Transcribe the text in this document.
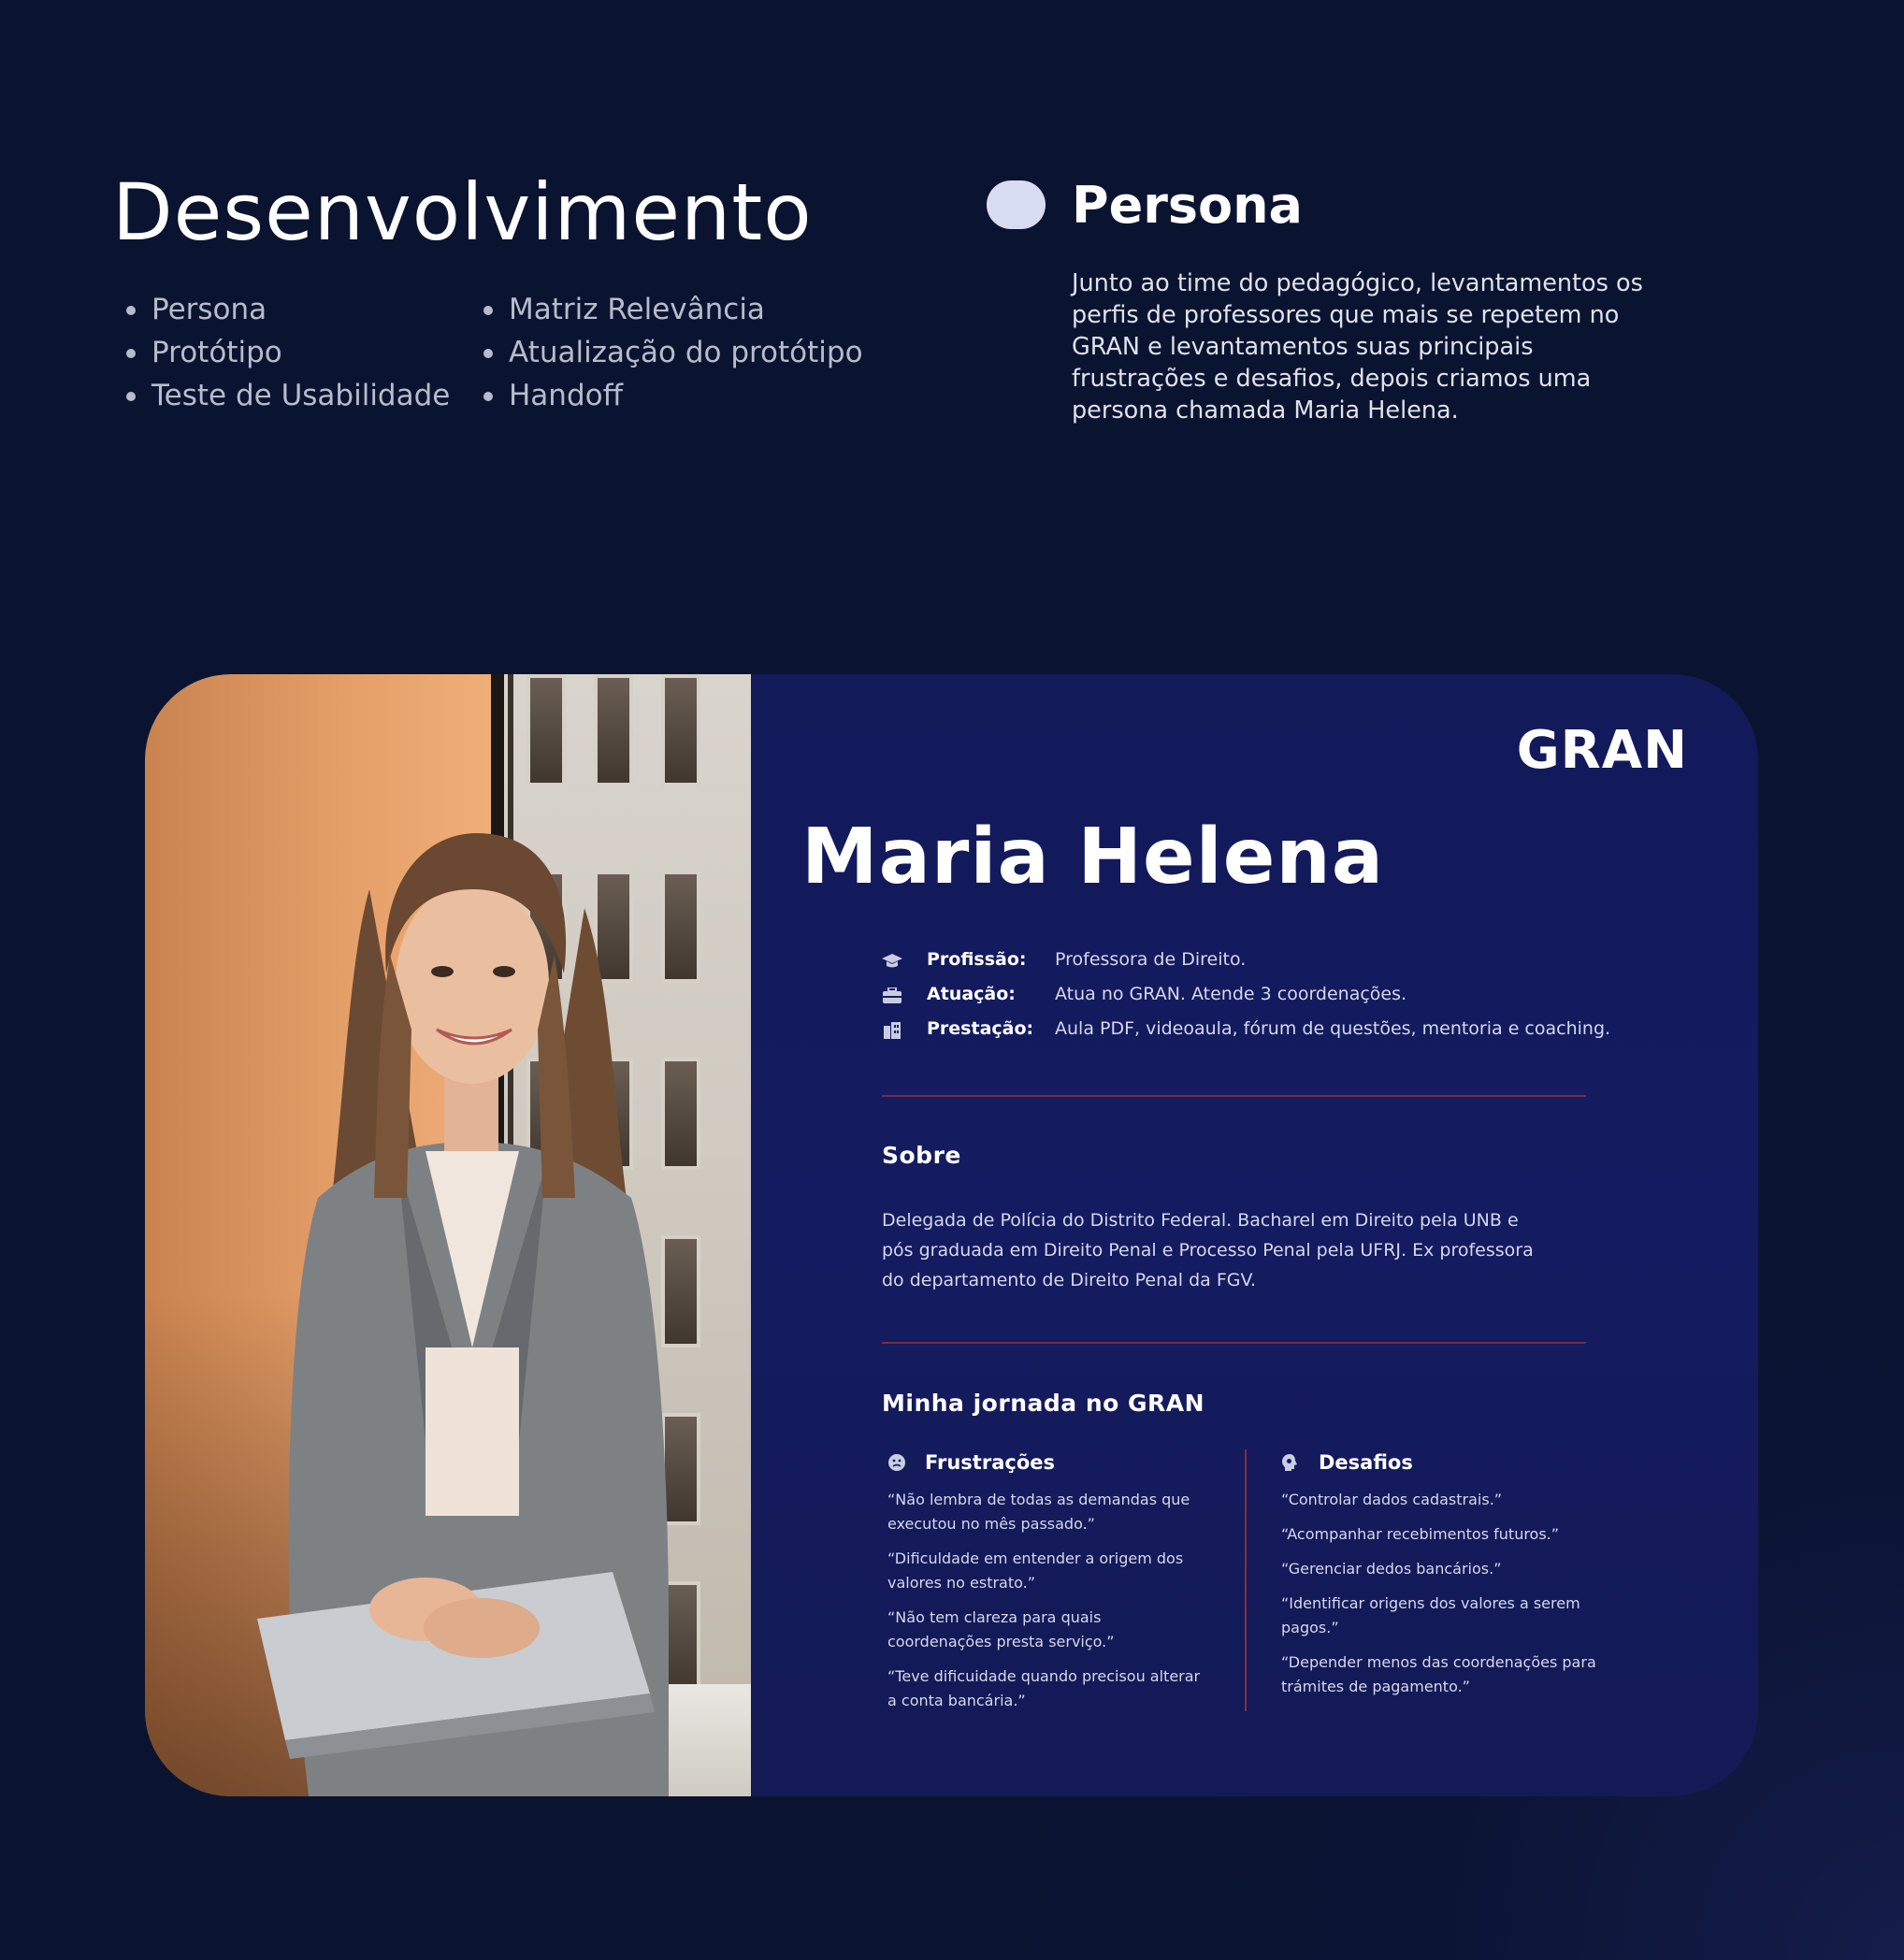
Desenvolvimento
Persona
Protótipo
Teste de Usabilidade
Matriz Relevância
Atualização do protótipo
Handoff
Persona

Junto ao time do pedagógico, levantamentos os perfis de professores que mais se repetem no GRAN e levantamentos suas principais frustrações e desafios, depois criamos uma persona chamada Maria Helena.

GRAN
Maria Helena
Profissão: Professora de Direito.
Atuação: Atua no GRAN. Atende 3 coordenações.
Prestação: Aula PDF, videoaula, fórum de questões, mentoria e coaching.
Sobre

Delegada de Polícia do Distrito Federal. Bacharel em Direito pela UNB e pós graduada em Direito Penal e Processo Penal pela UFRJ. Ex professora do departamento de Direito Penal da FGV.

Minha jornada no GRAN
Frustrações
“Não lembra de todas as demandas que executou no mês passado.”
“Dificuldade em entender a origem dos valores no estrato.”
“Não tem clareza para quais coordenações presta serviço.”
“Teve dificuidade quando precisou alterar a conta bancária.”
Desafios
“Controlar dados cadastrais.”
“Acompanhar recebimentos futuros.”
“Gerenciar dedos bancários.”
“Identificar origens dos valores a serem pagos.”
“Depender menos das coordenações para trámites de pagamento.”
